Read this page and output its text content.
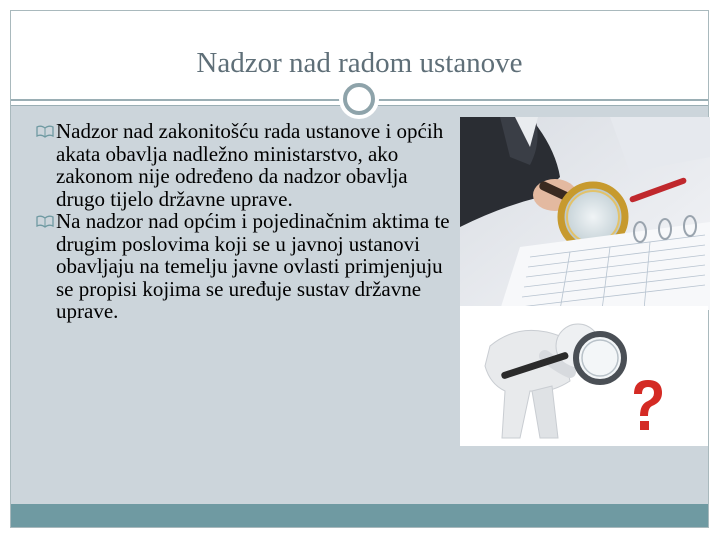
Nadzor nad radom ustanove
Nadzor nad zakonitošću rada ustanove i općih akata obavlja nadležno ministarstvo, ako zakonom nije određeno da nadzor obavlja drugo tijelo državne uprave.
Na nadzor nad općim i pojedinačnim aktima te drugim poslovima koji se u javnoj ustanovi obavljaju na temelju javne ovlasti primjenjuju se propisi kojima se uređuje sustav državne uprave.
